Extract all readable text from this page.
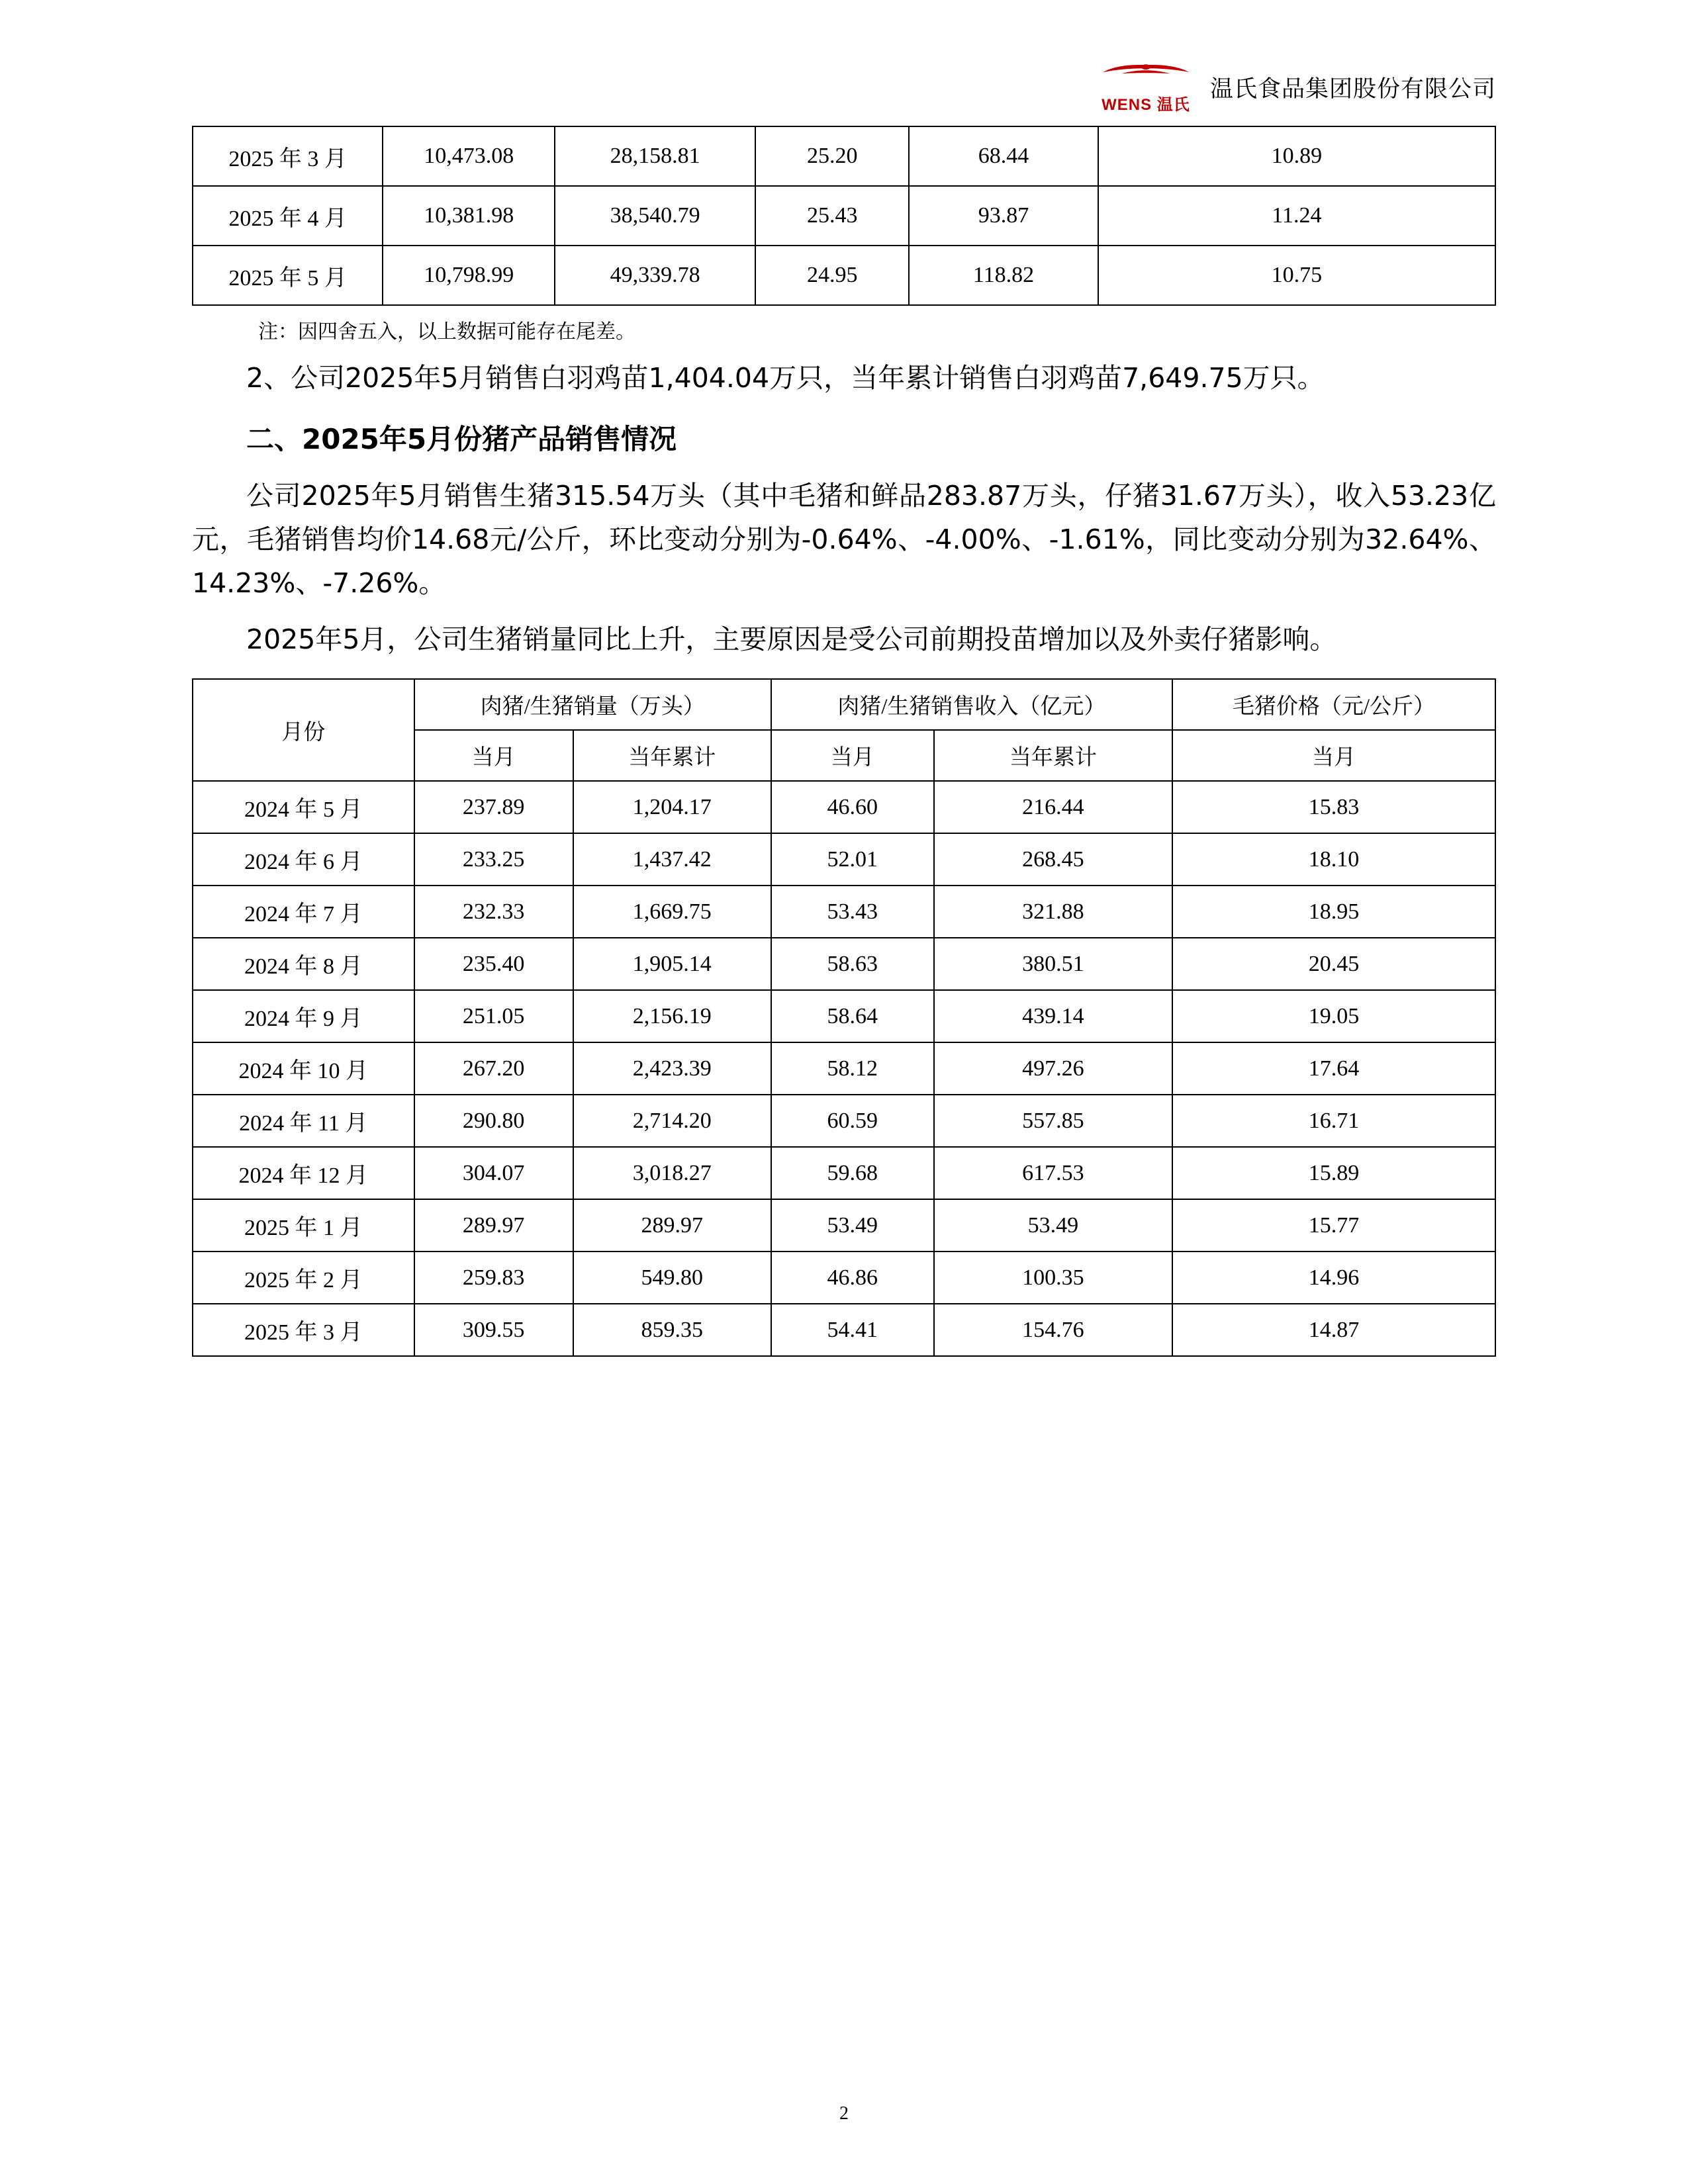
WENS 温氏
温氏食品集团股份有限公司
2025 年 3 月	10,473.08	28,158.81	25.20	68.44	10.89
2025 年 4 月	10,381.98	38,540.79	25.43	93.87	11.24
2025 年 5 月	10,798.99	49,339.78	24.95	118.82	10.75
注：因四舍五入，以上数据可能存在尾差。

2、公司2025年5月销售白羽鸡苗1,404.04万只，当年累计销售白羽鸡苗7,649.75万只。

二、2025年5月份猪产品销售情况

公司2025年5月销售生猪315.54万头（其中毛猪和鲜品283.87万头，仔猪31.67万头），收入53.23亿元，毛猪销售均价14.68元/公斤，环比变动分别为-0.64%、-4.00%、-1.61%，同比变动分别为32.64%、14.23%、-7.26%。

2025年5月，公司生猪销量同比上升，主要原因是受公司前期投苗增加以及外卖仔猪影响。

月份	肉猪/生猪销量（万头）		肉猪/生猪销售收入（亿元）		毛猪价格（元/公斤）
	当月	当年累计	当月	当年累计	当月
2024 年 5 月	237.89	1,204.17	46.60	216.44	15.83
2024 年 6 月	233.25	1,437.42	52.01	268.45	18.10
2024 年 7 月	232.33	1,669.75	53.43	321.88	18.95
2024 年 8 月	235.40	1,905.14	58.63	380.51	20.45
2024 年 9 月	251.05	2,156.19	58.64	439.14	19.05
2024 年 10 月	267.20	2,423.39	58.12	497.26	17.64
2024 年 11 月	290.80	2,714.20	60.59	557.85	16.71
2024 年 12 月	304.07	3,018.27	59.68	617.53	15.89
2025 年 1 月	289.97	289.97	53.49	53.49	15.77
2025 年 2 月	259.83	549.80	46.86	100.35	14.96
2025 年 3 月	309.55	859.35	54.41	154.76	14.87
2
